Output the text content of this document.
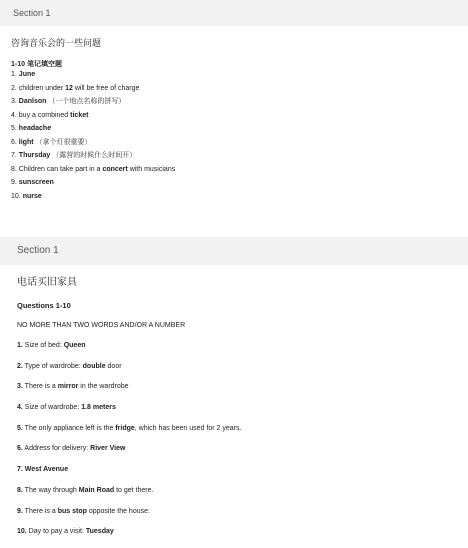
Section 1
咨询音乐会的一些问题
1-10 笔记填空题
1. June
2. children under 12 will be free of charge
3. Danlson （一个地点名称的拼写）
4. buy a combined ticket
5. headache
6. light （拿个灯很重要）
7. Thursday （露营的时候什么时间开）
8. Children can take part in a concert with musicians
9. sunscreen
10. nurse
Section 1
电话买旧家具
Questions 1-10
NO MORE THAN TWO WORDS AND/OR A NUMBER
1. Size of bed: Queen
2. Type of wardrobe: double door
3. There is a mirror in the wardrobe
4. Size of wardrobe: 1.8 meters
5. The only appliance left is the fridge, which has been used for 2 years.
6. Address for delivery: River View
7. West Avenue
8. The way through Main Road to get there.
9. There is a bus stop opposite the house.
10. Day to pay a visit: Tuesday
